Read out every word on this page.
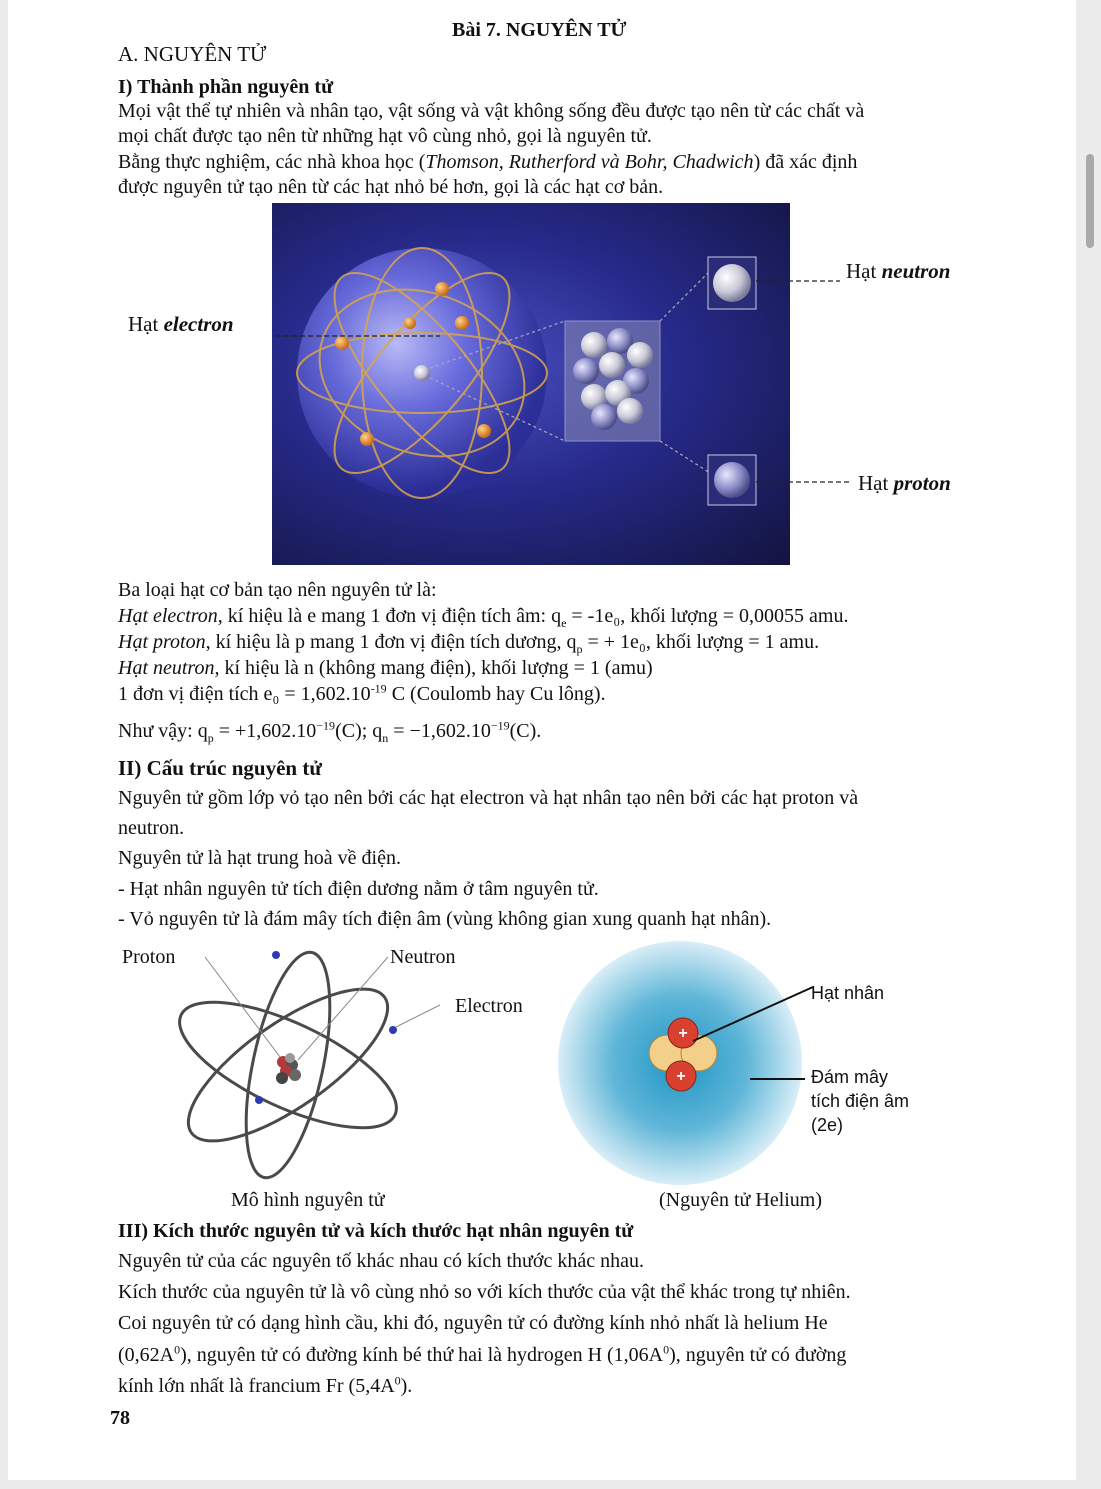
Bài 7. NGUYÊN TỬ
A. NGUYÊN TỬ
I) Thành phần nguyên tử
Mọi vật thể tự nhiên và nhân tạo, vật sống và vật không sống đều được tạo nên từ các chất và
mọi chất được tạo nên từ những hạt vô cùng nhỏ, gọi là nguyên tử.
Bằng thực nghiệm, các nhà khoa học (Thomson, Rutherford và Bohr, Chadwich) đã xác định
được nguyên tử tạo nên từ các hạt nhỏ bé hơn, gọi là các hạt cơ bản.
Hạt neutron
Hạt electron
Hạt proton
Ba loại hạt cơ bản tạo nên nguyên tử là:
Hạt electron, kí hiệu là e mang 1 đơn vị điện tích âm: $q_e = -1e_0$, khối lượng = 0,00055 amu.
Hạt proton, kí hiệu là p mang 1 đơn vị điện tích dương, $q_p$ = + 1e₀, khối lượng = 1 amu.
Hạt neutron, kí hiệu là n (không mang điện), khối lượng = 1 (amu)
1 đơn vị điện tích $e_0 = 1,602.10^{-19}$ C (Coulomb hay Cu lông).
Như vậy: $q_p = +1,602.10^{-19}(C)$; $q_n = -1,602.10^{-19}(C)$.
II) Cấu trúc nguyên tử
Nguyên tử gồm lớp vỏ tạo nên bởi các hạt electron và hạt nhân tạo nên bởi các hạt proton và
neutron.
Nguyên tử là hạt trung hoà về điện.
- Hạt nhân nguyên tử tích điện dương nằm ở tâm nguyên tử.
- Vỏ nguyên tử là đám mây tích điện âm (vùng không gian xung quanh hạt nhân).
Proton	Neutron
Electron
Mô hình nguyên tử
+
+
Hạt nhân
Đám mây
tích điện âm
(2e)
(Nguyên tử Helium)
III) Kích thước nguyên tử và kích thước hạt nhân nguyên tử
Nguyên tử của các nguyên tố khác nhau có kích thước khác nhau.
Kích thước của nguyên tử là vô cùng nhỏ so với kích thước của vật thể khác trong tự nhiên.
Coi nguyên tử có dạng hình cầu, khi đó, nguyên tử có đường kính nhỏ nhất là helium He
$(0,62A^0)$, nguyên tử có đường kính bé thứ hai là hydrogen H $(1,06A^0)$, nguyên tử có đường
kính lớn nhất là francium Fr $(5,4A^0)$.
78
